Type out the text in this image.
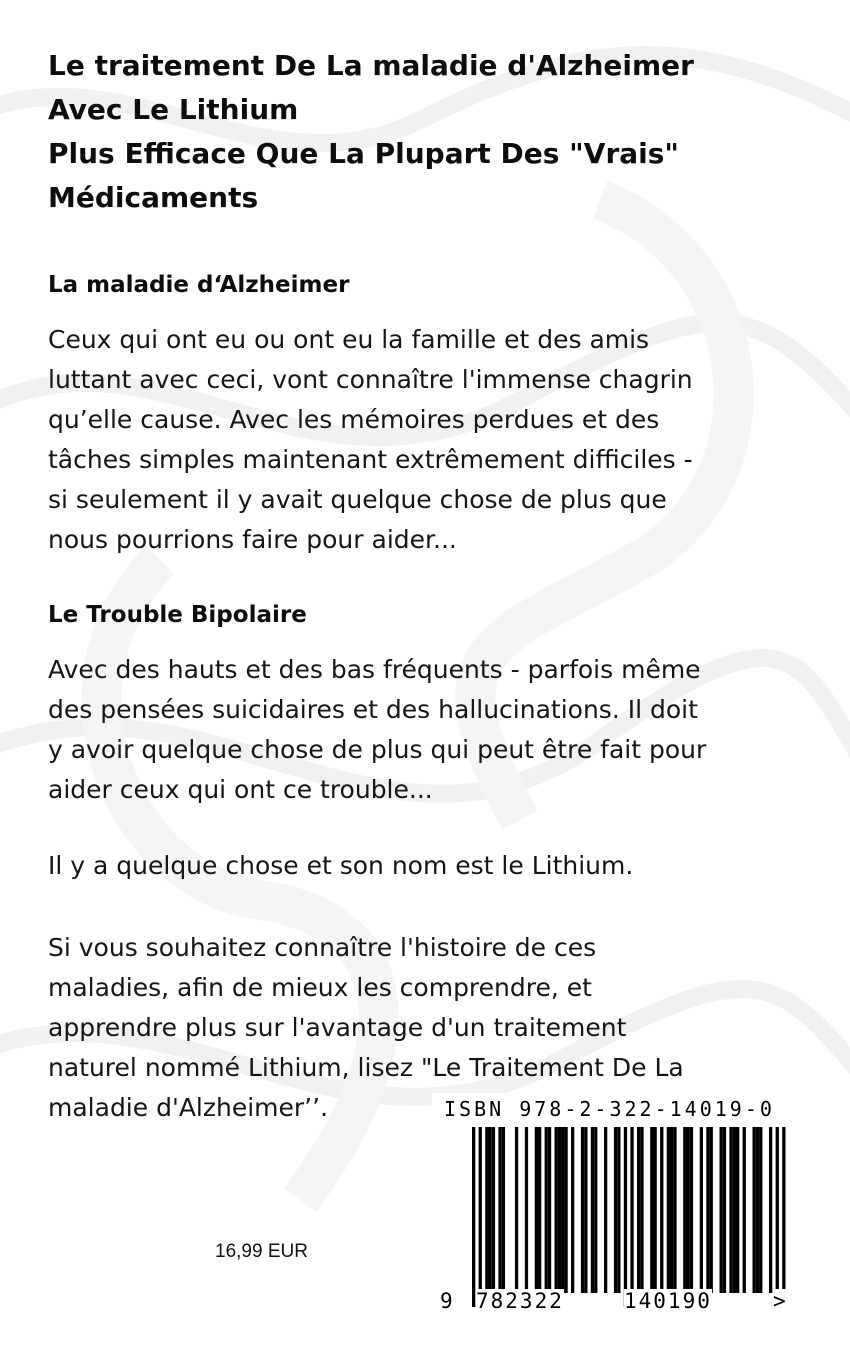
Le traitement De La maladie d'Alzheimer
Avec Le Lithium
Plus Efficace Que La Plupart Des "Vrais"
Médicaments
La maladie d‘Alzheimer

Ceux qui ont eu ou ont eu la famille et des amis
luttant avec ceci, vont connaître l'immense chagrin
qu’elle cause. Avec les mémoires perdues et des
tâches simples maintenant extrêmement difficiles -
si seulement il y avait quelque chose de plus que
nous pourrions faire pour aider...

Le Trouble Bipolaire

Avec des hauts et des bas fréquents - parfois même
des pensées suicidaires et des hallucinations. Il doit
y avoir quelque chose de plus qui peut être fait pour
aider ceux qui ont ce trouble...

Il y a quelque chose et son nom est le Lithium.

Si vous souhaitez connaître l'histoire de ces
maladies, afin de mieux les comprendre, et
apprendre plus sur l'avantage d'un traitement
naturel nommé Lithium, lisez "Le Traitement De La
maladie d'Alzheimer’’.

16,99 EUR
ISBN 978-2-322-14019-0
9 782322	140190	>
